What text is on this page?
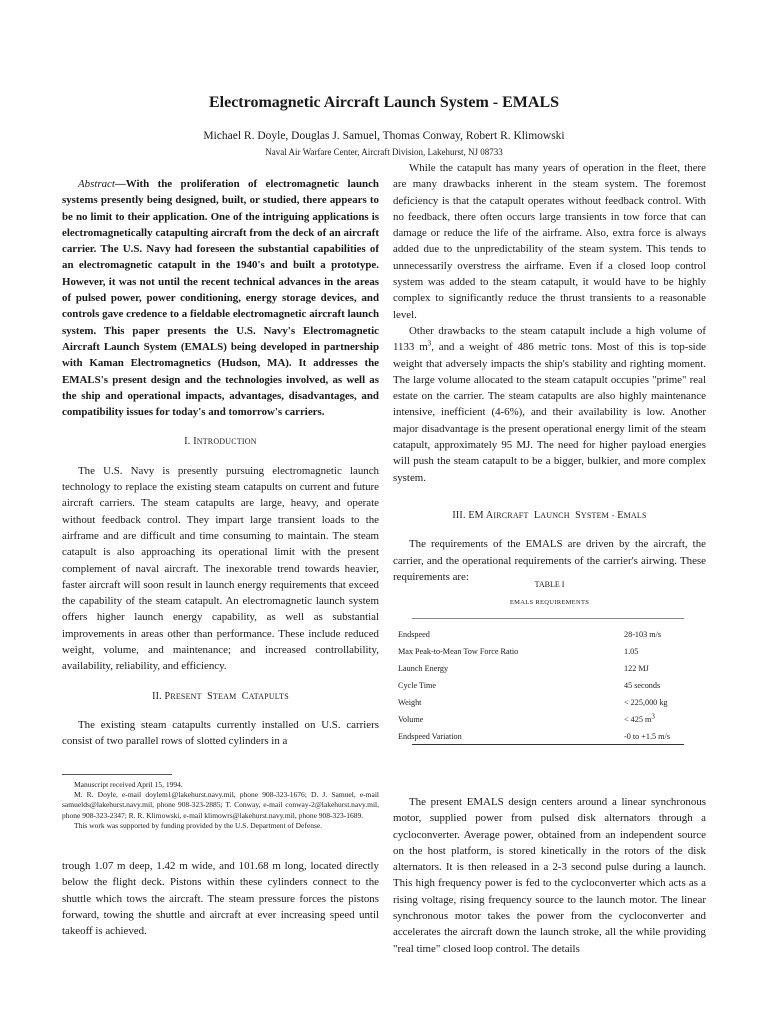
Electromagnetic Aircraft Launch System - EMALS
Michael R. Doyle, Douglas J. Samuel, Thomas Conway, Robert R. Klimowski
Naval Air Warfare Center, Aircraft Division, Lakehurst, NJ 08733

Abstract—With the proliferation of electromagnetic launch systems presently being designed, built, or studied, there appears to be no limit to their application. One of the intriguing applications is electromagnetically catapulting aircraft from the deck of an aircraft carrier. The U.S. Navy had foreseen the substantial capabilities of an electromagnetic catapult in the 1940's and built a prototype. However, it was not until the recent technical advances in the areas of pulsed power, power conditioning, energy storage devices, and controls gave credence to a fieldable electromagnetic aircraft launch system. This paper presents the U.S. Navy's Electromagnetic Aircraft Launch System (EMALS) being developed in partnership with Kaman Electromagnetics (Hudson, MA). It addresses the EMALS's present design and the technologies involved, as well as the ship and operational impacts, advantages, disadvantages, and compatibility issues for today's and tomorrow's carriers.

I. INTRODUCTION

The U.S. Navy is presently pursuing electromagnetic launch technology to replace the existing steam catapults on current and future aircraft carriers. The steam catapults are large, heavy, and operate without feedback control. They impart large transient loads to the airframe and are difficult and time consuming to maintain. The steam catapult is also approaching its operational limit with the present complement of naval aircraft. The inexorable trend towards heavier, faster aircraft will soon result in launch energy requirements that exceed the capability of the steam catapult. An electromagnetic launch system offers higher launch energy capability, as well as substantial improvements in areas other than performance. These include reduced weight, volume, and maintenance; and increased controllability, availability, reliability, and efficiency.

II. PRESENT STEAM CATAPULTS

The existing steam catapults currently installed on U.S. carriers consist of two parallel rows of slotted cylinders in a

Manuscript received April 15, 1994.

M. R. Doyle, e-mail doylem1@lakehurst.navy.mil, phone 908-323-1676; D. J. Samuel, e-mail samuelds@lakehurst.navy.mil, phone 908-323-2885; T. Conway, e-mail conway-2@lakehurst.navy.mil, phone 908-323-2347; R. R. Klimowski, e-mail klimowrs@lakehurst.navy.mil, phone 908-323-1689.

This work was supported by funding provided by the U.S. Department of Defense.

trough 1.07 m deep, 1.42 m wide, and 101.68 m long, located directly below the flight deck. Pistons within these cylinders connect to the shuttle which tows the aircraft. The steam pressure forces the pistons forward, towing the shuttle and aircraft at ever increasing speed until takeoff is achieved.

While the catapult has many years of operation in the fleet, there are many drawbacks inherent in the steam system. The foremost deficiency is that the catapult operates without feedback control. With no feedback, there often occurs large transients in tow force that can damage or reduce the life of the airframe. Also, extra force is always added due to the unpredictability of the steam system. This tends to unnecessarily overstress the airframe. Even if a closed loop control system was added to the steam catapult, it would have to be highly complex to significantly reduce the thrust transients to a reasonable level.

Other drawbacks to the steam catapult include a high volume of 1133 $m^3$, and a weight of 486 metric tons. Most of this is top-side weight that adversely impacts the ship's stability and righting moment. The large volume allocated to the steam catapult occupies "prime" real estate on the carrier. The steam catapults are also highly maintenance intensive, inefficient (4-6%), and their availability is low. Another major disadvantage is the present operational energy limit of the steam catapult, approximately 95 MJ. The need for higher payload energies will push the steam catapult to be a bigger, bulkier, and more complex system.

III. EM AIRCRAFT LAUNCH SYSTEM - EMALS

The requirements of the EMALS are driven by the aircraft, the carrier, and the operational requirements of the carrier's airwing. These requirements are:

TABLE I
EMALS REQUIREMENTS
Endspeed	28-103 m/s
Max Peak-to-Mean Tow Force Ratio	1.05
Launch Energy	122 MJ
Cycle Time	45 seconds
Weight	< 225,000 kg
Volume	< 425 $m^3$
Endspeed Variation	-0 to +1.5 m/s

The present EMALS design centers around a linear synchronous motor, supplied power from pulsed disk alternators through a cycloconverter. Average power, obtained from an independent source on the host platform, is stored kinetically in the rotors of the disk alternators. It is then released in a 2-3 second pulse during a launch. This high frequency power is fed to the cycloconverter which acts as a rising voltage, rising frequency source to the launch motor. The linear synchronous motor takes the power from the cycloconverter and accelerates the aircraft down the launch stroke, all the while providing "real time" closed loop control. The details
